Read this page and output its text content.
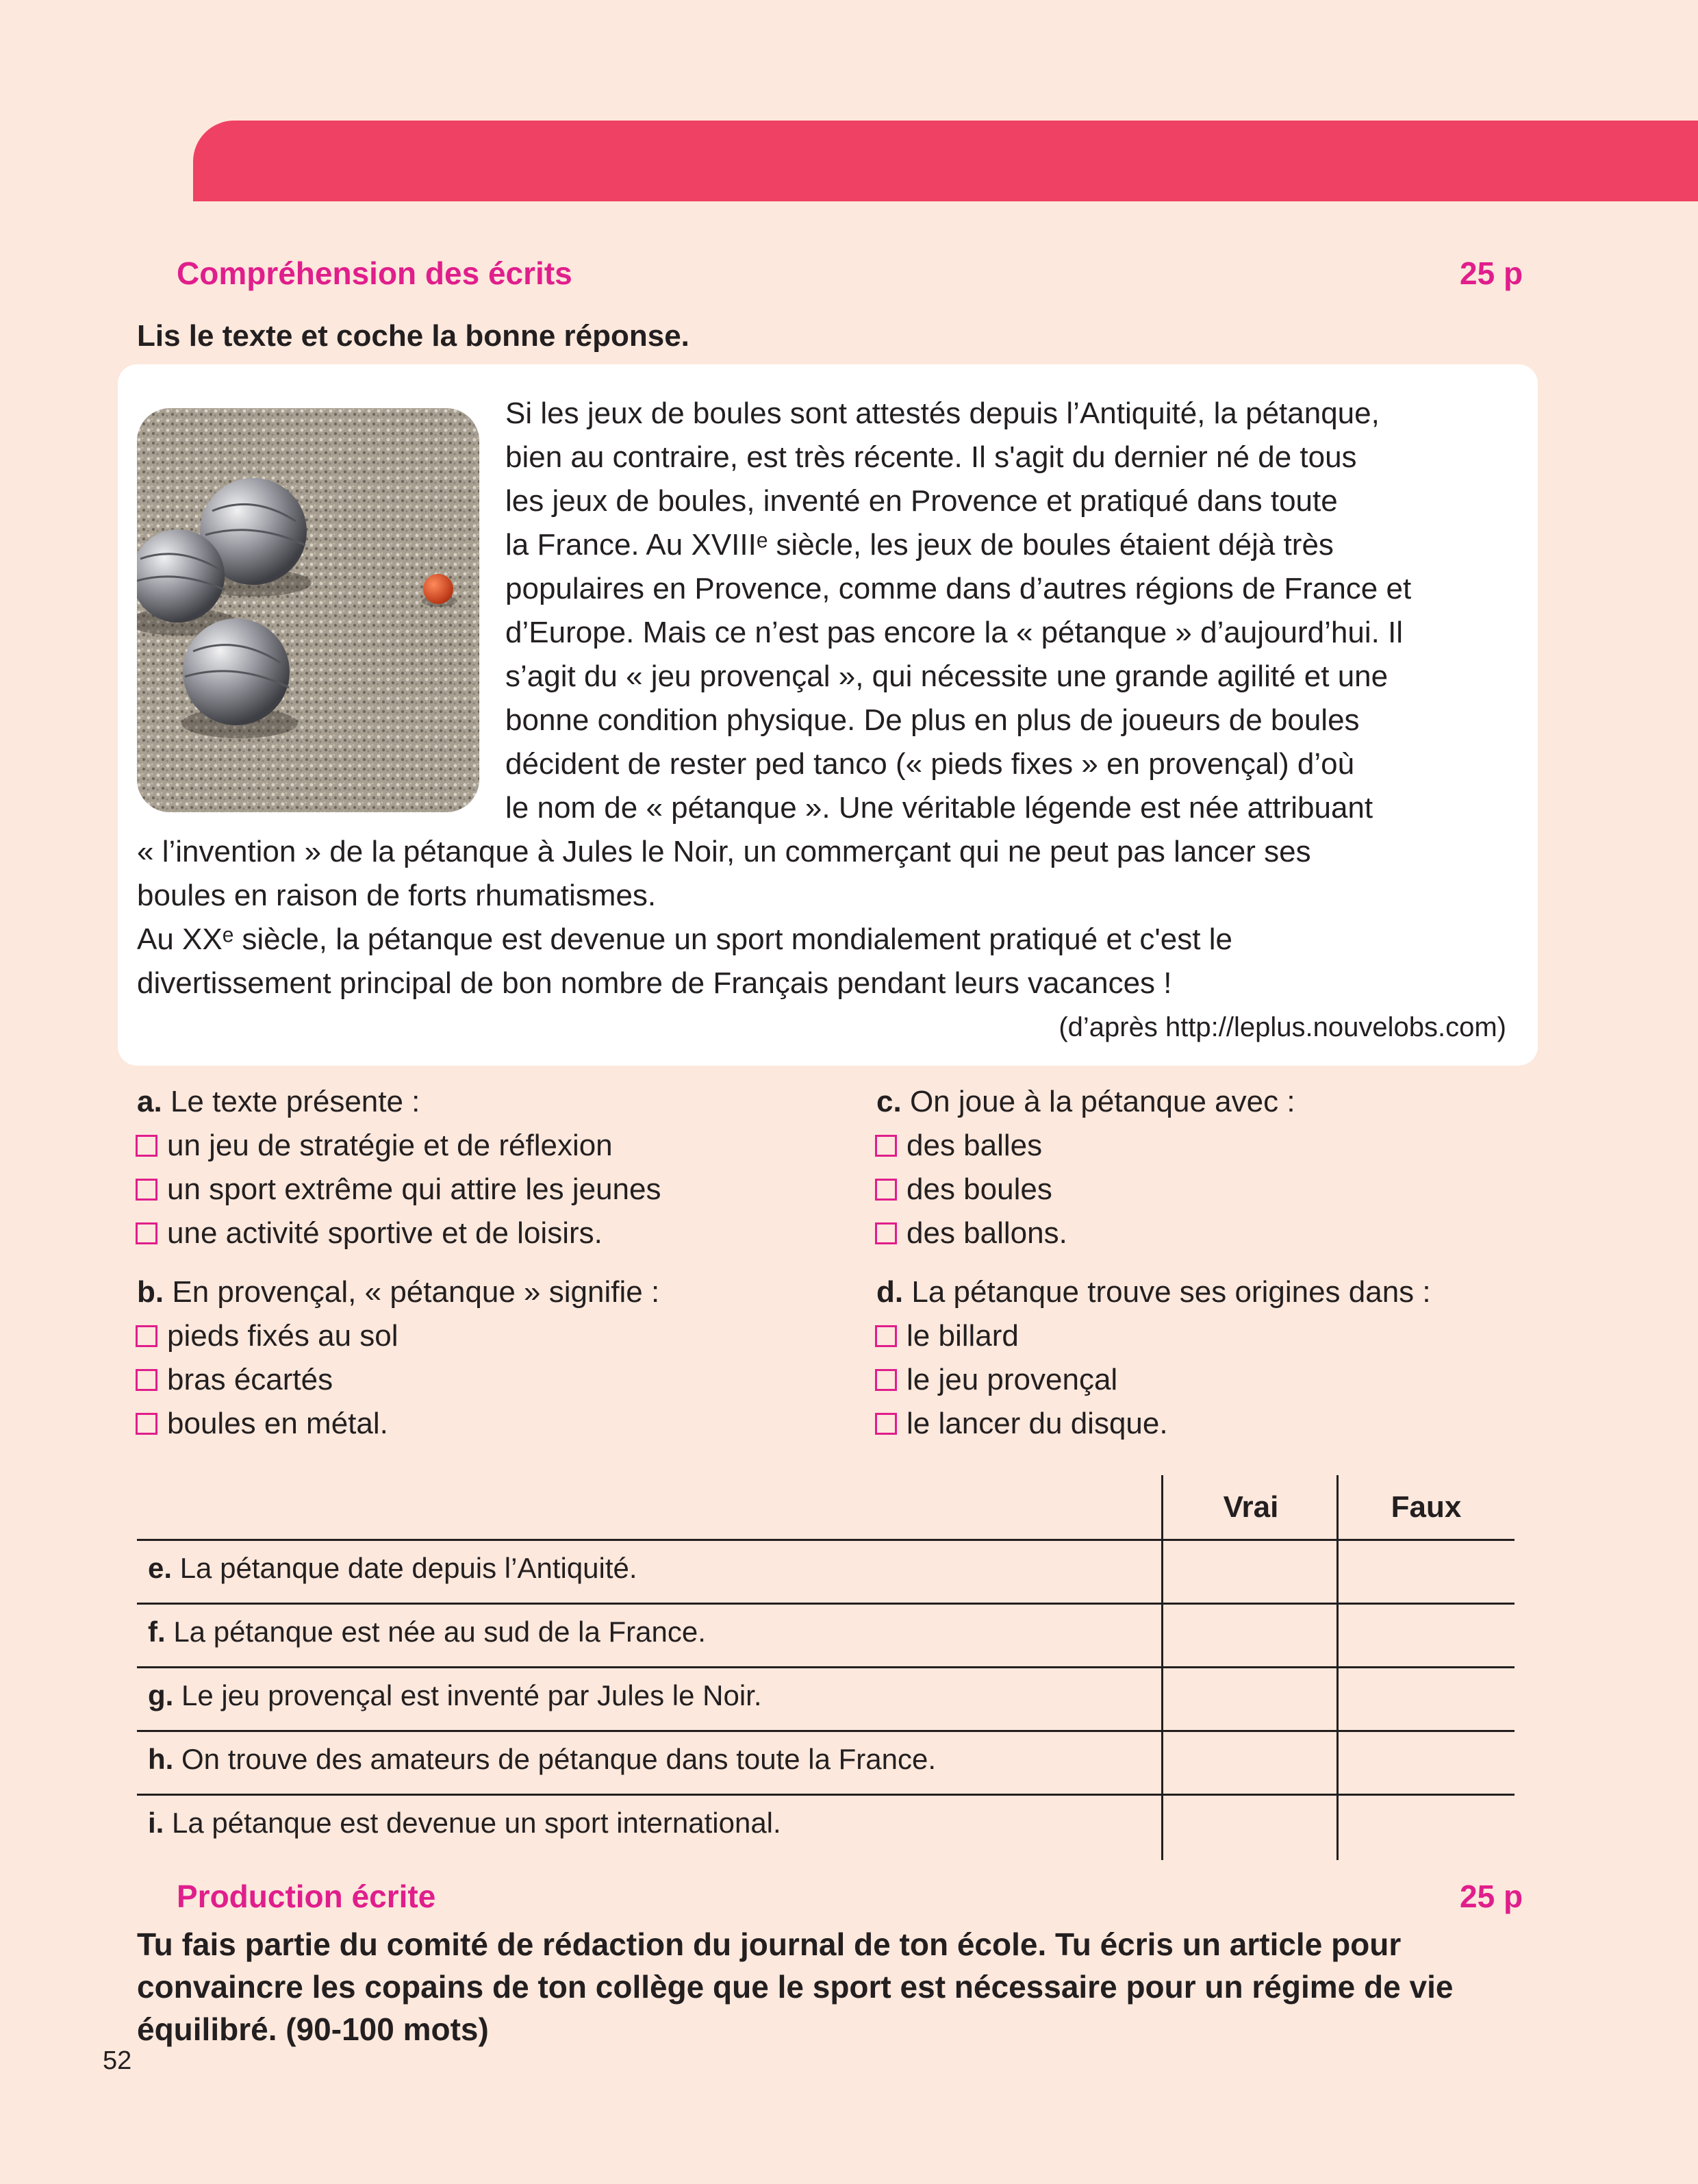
Compréhension des écrits	25 p
Lis le texte et coche la bonne réponse.
Si les jeux de boules sont attestés depuis l’Antiquité, la pétanque,
bien au contraire, est très récente. Il s'agit du dernier né de tous
les jeux de boules, inventé en Provence et pratiqué dans toute
la France. Au XVIIIᵉ siècle, les jeux de boules étaient déjà très
populaires en Provence, comme dans d’autres régions de France et
d’Europe. Mais ce n’est pas encore la « pétanque » d’aujourd’hui. Il
s’agit du « jeu provençal », qui nécessite une grande agilité et une
bonne condition physique. De plus en plus de joueurs de boules
décident de rester ped tanco (« pieds fixes » en provençal) d’où
le nom de « pétanque ». Une véritable légende est née attribuant
« l’invention » de la pétanque à Jules le Noir, un commerçant qui ne peut pas lancer ses
boules en raison de forts rhumatismes.
Au XXᵉ siècle, la pétanque est devenue un sport mondialement pratiqué et c'est le
divertissement principal de bon nombre de Français pendant leurs vacances !
(d’après http://leplus.nouvelobs.com)
a. Le texte présente :
un jeu de stratégie et de réflexion
un sport extrême qui attire les jeunes
une activité sportive et de loisirs.
b. En provençal, « pétanque » signifie :
pieds fixés au sol
bras écartés
boules en métal.
c. On joue à la pétanque avec :
des balles
des boules
des ballons.
d. La pétanque trouve ses origines dans :
le billard
le jeu provençal
le lancer du disque.
Vrai	Faux
e. La pétanque date depuis l’Antiquité.
f. La pétanque est née au sud de la France.
g. Le jeu provençal est inventé par Jules le Noir.
h. On trouve des amateurs de pétanque dans toute la France.
i. La pétanque est devenue un sport international.
Production écrite	25 p
Tu fais partie du comité de rédaction du journal de ton école. Tu écris un article pour convaincre les copains de ton collège que le sport est nécessaire pour un régime de vie équilibré. (90-100 mots)
52
